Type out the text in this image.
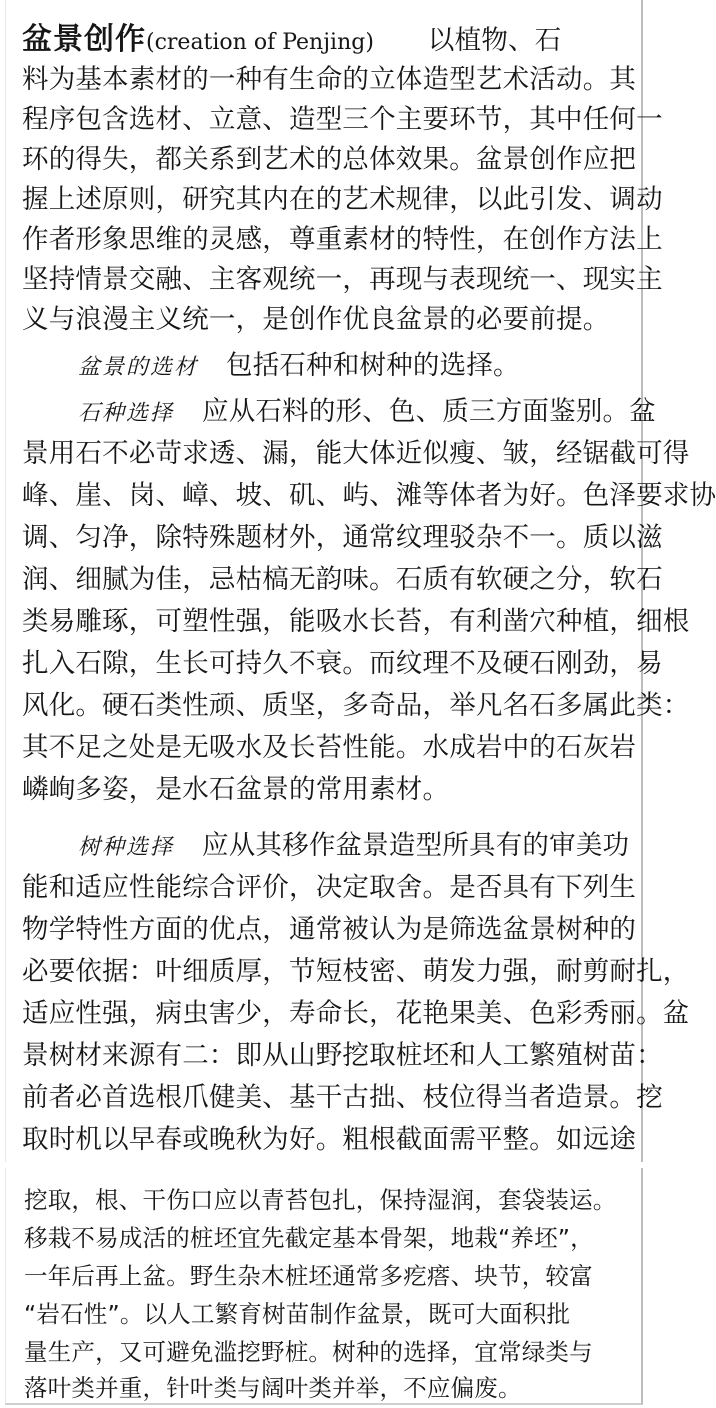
盆景创作(creation of Penjing) 以植物、石
料为基本素材的一种有生命的立体造型艺术活动。其
程序包含选材、立意、造型三个主要环节，其中任何一
环的得失，都关系到艺术的总体效果。盆景创作应把
握上述原则，研究其内在的艺术规律，以此引发、调动
作者形象思维的灵感，尊重素材的特性，在创作方法上
坚持情景交融、主客观统一，再现与表现统一、现实主
义与浪漫主义统一，是创作优良盆景的必要前提。
盆景的选材 包括石种和树种的选择。
石种选择 应从石料的形、色、质三方面鉴别。盆
景用石不必苛求透、漏，能大体近似瘦、皱，经锯截可得
峰、崖、岗、嶂、坡、矶、屿、滩等体者为好。色泽要求协
调、匀净，除特殊题材外，通常纹理驳杂不一。质以滋
润、细腻为佳，忌枯槁无韵味。石质有软硬之分，软石
类易雕琢，可塑性强，能吸水长苔，有利凿穴种植，细根
扎入石隙，生长可持久不衰。而纹理不及硬石刚劲，易
风化。硬石类性顽、质坚，多奇品，举凡名石多属此类：
其不足之处是无吸水及长苔性能。水成岩中的石灰岩
嶙峋多姿，是水石盆景的常用素材。
树种选择 应从其移作盆景造型所具有的审美功
能和适应性能综合评价，决定取舍。是否具有下列生
物学特性方面的优点，通常被认为是筛选盆景树种的
必要依据：叶细质厚，节短枝密、萌发力强，耐剪耐扎，
适应性强，病虫害少，寿命长，花艳果美、色彩秀丽。盆
景树材来源有二：即从山野挖取桩坯和人工繁殖树苗：
前者必首选根爪健美、基干古拙、枝位得当者造景。挖
取时机以早春或晚秋为好。粗根截面需平整。如远途
挖取，根、干伤口应以青苔包扎，保持湿润，套袋装运。
移栽不易成活的桩坯宜先截定基本骨架，地栽“养坯”，
一年后再上盆。野生杂木桩坯通常多疙瘩、块节，较富
“岩石性”。以人工繁育树苗制作盆景，既可大面积批
量生产，又可避免滥挖野桩。树种的选择，宜常绿类与
落叶类并重，针叶类与阔叶类并举，不应偏废。
